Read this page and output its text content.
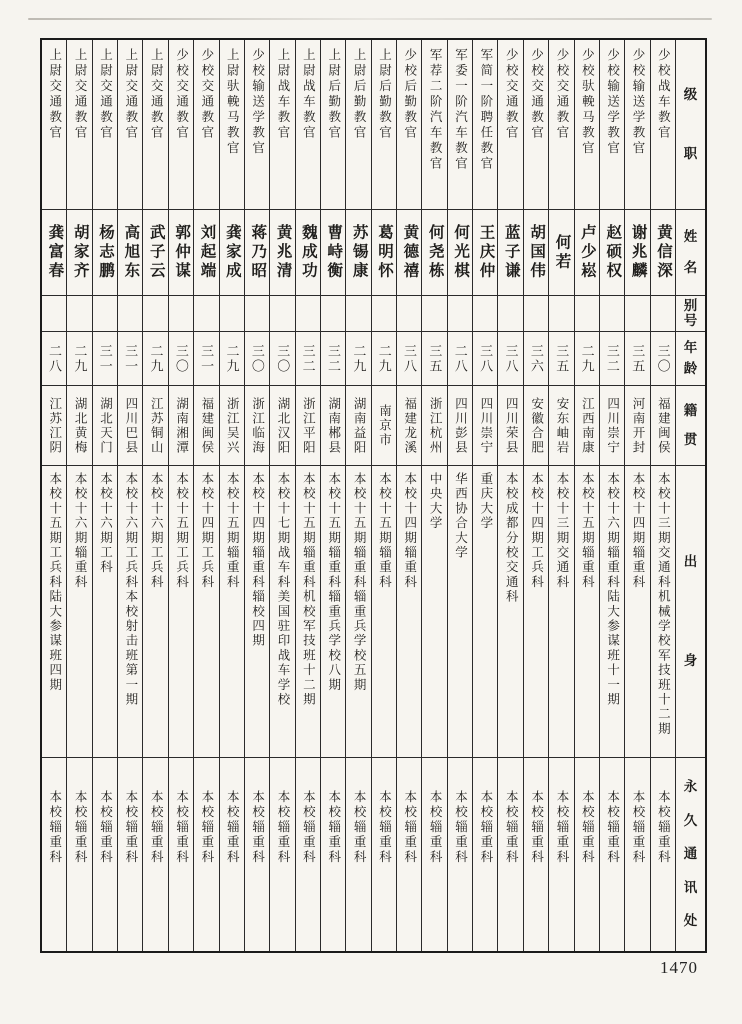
级
职
姓
名
别
号
年
龄
籍
贯
出
身
永
久
通
讯
处
少校战车教官
黄信深
三〇
福建闽侯
本校十三期交通科机械学校军技班十二期
本校辎重科
少校输送学教官
谢兆麟
三五
河南开封
本校十四期辎重科
本校辎重科
少校输送学教官
赵硕权
三二
四川崇宁
本校十六期辎重科陆大参谋班十一期
本校辎重科
少校驮輓马教官
卢少崧
二九
江西南康
本校十五期辎重科
本校辎重科
少校交通教官
何若
三五
安东岫岩
本校十三期交通科
本校辎重科
少校交通教官
胡国伟
三六
安徽合肥
本校十四期工兵科
本校辎重科
少校交通教官
蓝子谦
三八
四川荣县
本校成都分校交通科
本校辎重科
军简一阶聘任教官
王庆仲
三八
四川崇宁
重庆大学
本校辎重科
军委一阶汽车教官
何光棋
二八
四川彭县
华西协合大学
本校辎重科
军荐二阶汽车教官
何尧栋
三五
浙江杭州
中央大学
本校辎重科
少校后勤教官
黄德禧
三八
福建龙溪
本校十四期辎重科
本校辎重科
上尉后勤教官
葛明怀
二九
南京市
本校十五期辎重科
本校辎重科
上尉后勤教官
苏锡康
二九
湖南益阳
本校十五期辎重科辎重兵学校五期
本校辎重科
上尉后勤教官
曹峙衡
三二
湖南郴县
本校十五期辎重科辎重兵学校八期
本校辎重科
上尉战车教官
魏成功
三二
浙江平阳
本校十五期辎重科机校军技班十二期
本校辎重科
上尉战车教官
黄兆清
三〇
湖北汉阳
本校十七期战车科美国驻印战车学校
本校辎重科
少校输送学教官
蒋乃昭
三〇
浙江临海
本校十四期辎重科辎校四期
本校辎重科
上尉驮輓马教官
龚家成
二九
浙江吴兴
本校十五期辎重科
本校辎重科
少校交通教官
刘起端
三一
福建闽侯
本校十四期工兵科
本校辎重科
少校交通教官
郭仲谋
三〇
湖南湘潭
本校十五期工兵科
本校辎重科
上尉交通教官
武子云
二九
江苏铜山
本校十六期工兵科
本校辎重科
上尉交通教官
高旭东
三一
四川巴县
本校十六期工兵科本校射击班第一期
本校辎重科
上尉交通教官
杨志鹏
三一
湖北天门
本校十六期工科
本校辎重科
上尉交通教官
胡家齐
二九
湖北黄梅
本校十六期辎重科
本校辎重科
上尉交通教官
龚富春
二八
江苏江阴
本校十五期工兵科陆大参谋班四期
本校辎重科
1470
